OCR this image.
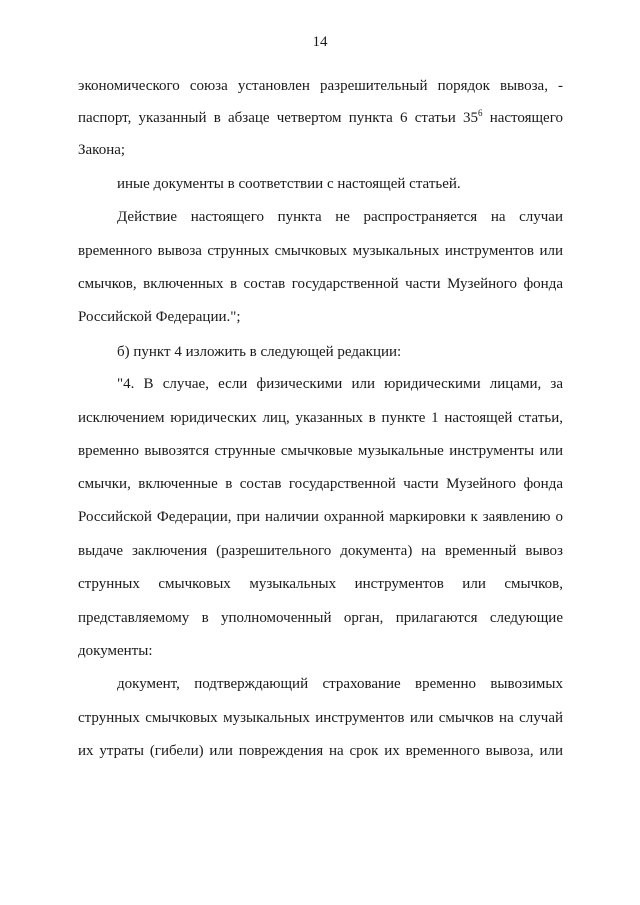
14
экономического союза установлен разрешительный порядок вывоза, -
паспорт, указанный в абзаце четвертом пункта 6 статьи $35^6$ настоящего
Закона;
иные документы в соответствии с настоящей статьей.
Действие настоящего пункта не распространяется на случаи
временного вывоза струнных смычковых музыкальных инструментов или
смычков, включенных в состав государственной части Музейного фонда
Российской Федерации.";
б) пункт 4 изложить в следующей редакции:
"4. В случае, если физическими или юридическими лицами, за
исключением юридических лиц, указанных в пункте 1 настоящей статьи,
временно вывозятся струнные смычковые музыкальные инструменты или
смычки, включенные в состав государственной части Музейного фонда
Российской Федерации, при наличии охранной маркировки к заявлению о
выдаче заключения (разрешительного документа) на временный вывоз
струнных смычковых музыкальных инструментов или смычков,
представляемому в уполномоченный орган, прилагаются следующие
документы:
документ, подтверждающий страхование временно вывозимых
струнных смычковых музыкальных инструментов или смычков на случай
их утраты (гибели) или повреждения на срок их временного вывоза, или
